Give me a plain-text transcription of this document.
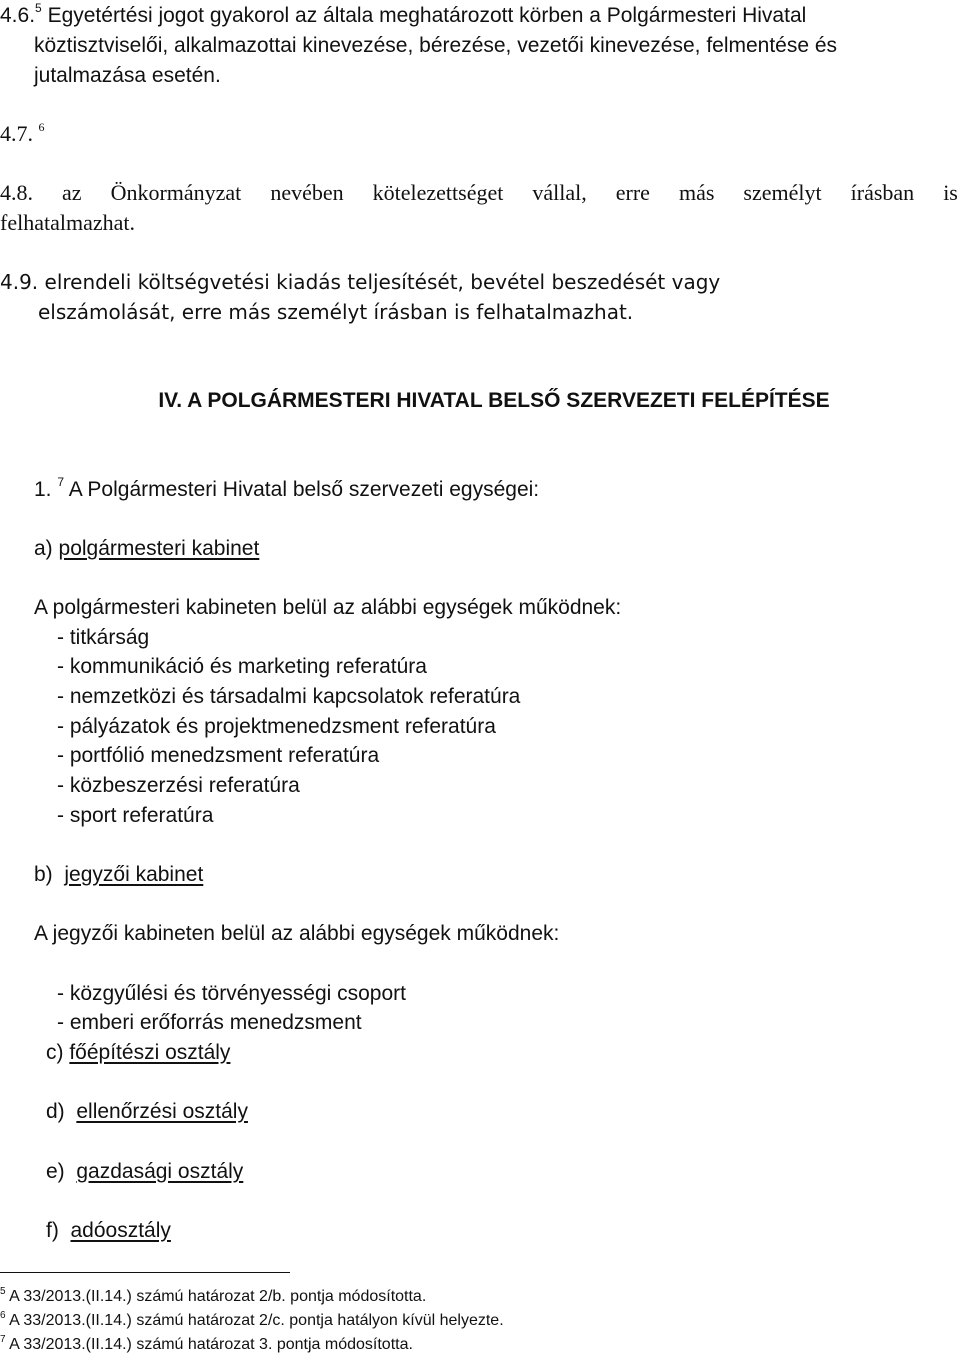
4.6.$^5$ Egyetértési jogot gyakorol az általa meghatározott körben a Polgármesteri Hivatal
köztisztviselői, alkalmazottai kinevezése, bérezése, vezetői kinevezése, felmentése és
jutalmazása esetén.
4.7. $^6$
4.8. az Önkormányzat nevében kötelezettséget vállal, erre más személyt írásban is
felhatalmazhat.
4.9. elrendeli költségvetési kiadás teljesítését, bevétel beszedését vagy
elszámolását, erre más személyt írásban is felhatalmazhat.
IV. A POLGÁRMESTERI HIVATAL BELSŐ SZERVEZETI FELÉPÍTÉSE
1. $^7$ A Polgármesteri Hivatal belső szervezeti egységei:
a) polgármesteri kabinet
A polgármesteri kabineten belül az alábbi egységek működnek:
- titkárság
- kommunikáció és marketing referatúra
- nemzetközi és társadalmi kapcsolatok referatúra
- pályázatok és projektmenedzsment referatúra
- portfólió menedzsment referatúra
- közbeszerzési referatúra
- sport referatúra
b) jegyzői kabinet
A jegyzői kabineten belül az alábbi egységek működnek:
- közgyűlési és törvényességi csoport
- emberi erőforrás menedzsment
c) főépítészi osztály
d) ellenőrzési osztály
e) gazdasági osztály
f) adóosztály
$^5$ A 33/2013.(II.14.) számú határozat 2/b. pontja módosította.
$^6$ A 33/2013.(II.14.) számú határozat 2/c. pontja hatályon kívül helyezte.
$^7$ A 33/2013.(II.14.) számú határozat 3. pontja módosította.
